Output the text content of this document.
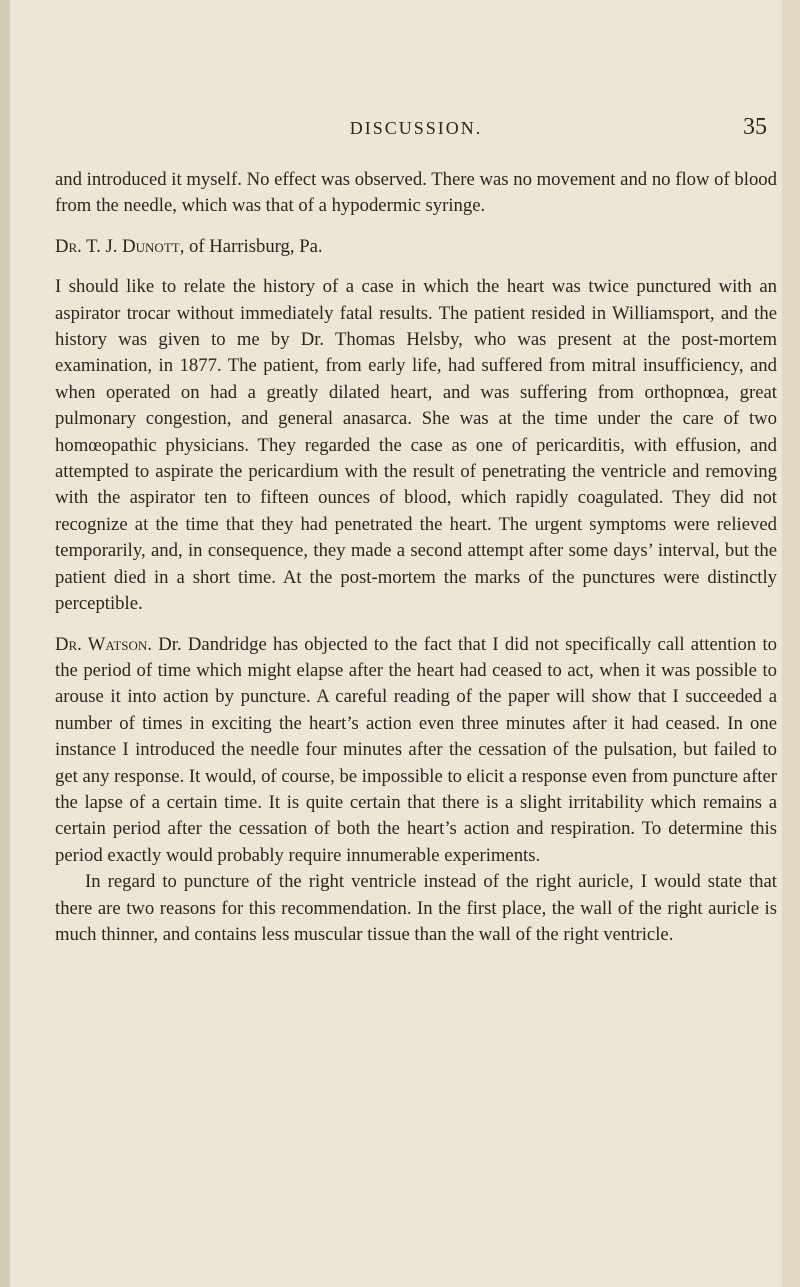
DISCUSSION.	35

and introduced it myself. No effect was observed. There was no movement and no flow of blood from the needle, which was that of a hypodermic syringe.

Dr. T. J. Dunott, of Harrisburg, Pa.

I should like to relate the history of a case in which the heart was twice punctured with an aspirator trocar without immediately fatal results. The patient resided in Williamsport, and the history was given to me by Dr. Thomas Helsby, who was present at the post-mortem examination, in 1877. The patient, from early life, had suffered from mitral insufficiency, and when operated on had a greatly dilated heart, and was suffering from orthopnœa, great pulmonary congestion, and general anasarca. She was at the time under the care of two homœopathic physicians. They regarded the case as one of pericarditis, with effusion, and attempted to aspirate the pericardium with the result of penetrating the ventricle and removing with the aspirator ten to fifteen ounces of blood, which rapidly coagulated. They did not recognize at the time that they had penetrated the heart. The urgent symptoms were relieved temporarily, and, in consequence, they made a second attempt after some days’ interval, but the patient died in a short time. At the post-mortem the marks of the punctures were distinctly perceptible.

Dr. Watson. Dr. Dandridge has objected to the fact that I did not specifically call attention to the period of time which might elapse after the heart had ceased to act, when it was possible to arouse it into action by puncture. A careful reading of the paper will show that I succeeded a number of times in exciting the heart’s action even three minutes after it had ceased. In one instance I introduced the needle four minutes after the cessation of the pulsation, but failed to get any response. It would, of course, be impossible to elicit a response even from puncture after the lapse of a certain time. It is quite certain that there is a slight irritability which remains a certain period after the cessation of both the heart’s action and respiration. To determine this period exactly would probably require innumerable experiments.

In regard to puncture of the right ventricle instead of the right auricle, I would state that there are two reasons for this recommendation. In the first place, the wall of the right auricle is much thinner, and contains less muscular tissue than the wall of the right ventricle.
